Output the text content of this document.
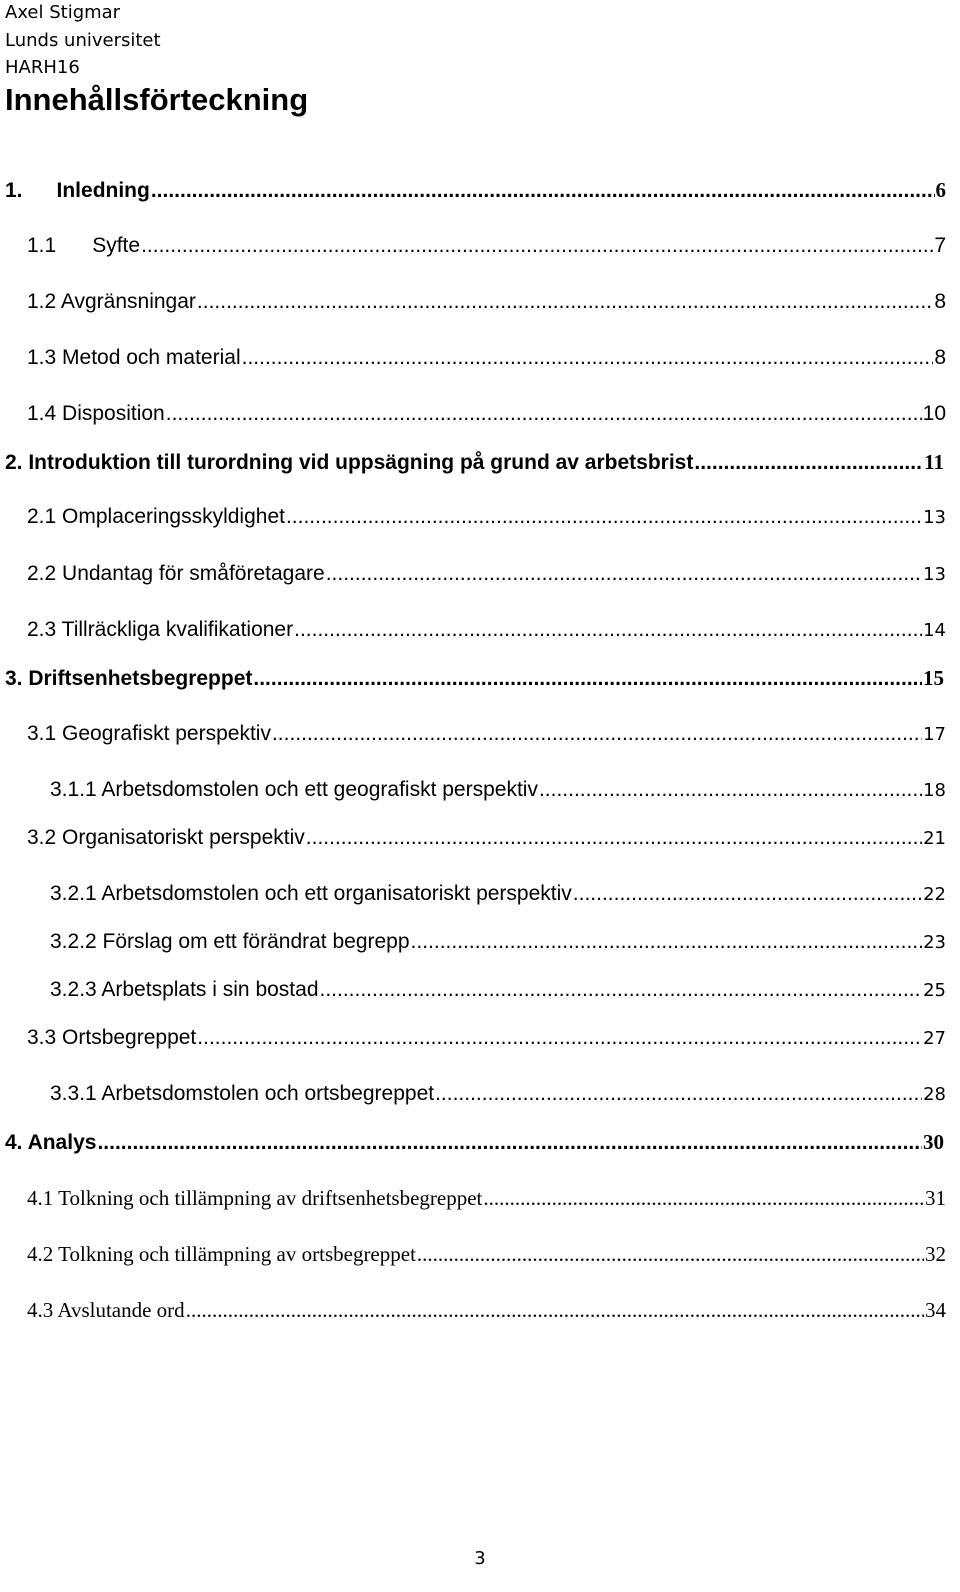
Axel Stigmar
Lunds universitet
HARH16
Innehållsförteckning
1. Inledning .....	6
1.1 Syfte .....	7
1.2 Avgränsningar .....	8
1.3 Metod och material .....	8
1.4 Disposition .....	10
2. Introduktion till turordning vid uppsägning på grund av arbetsbrist .....	11
2.1 Omplaceringsskyldighet .....	13
2.2 Undantag för småföretagare .....	13
2.3 Tillräckliga kvalifikationer .....	14
3. Driftsenhetsbegreppet .....	15
3.1 Geografiskt perspektiv .....	17
3.1.1 Arbetsdomstolen och ett geografiskt perspektiv .....	18
3.2 Organisatoriskt perspektiv .....	21
3.2.1 Arbetsdomstolen och ett organisatoriskt perspektiv .....	22
3.2.2 Förslag om ett förändrat begrepp .....	23
3.2.3 Arbetsplats i sin bostad .....	25
3.3 Ortsbegreppet .....	27
3.3.1 Arbetsdomstolen och ortsbegreppet .....	28
4. Analys .....	30
4.1 Tolkning och tillämpning av driftsenhetsbegreppet .....	31
4.2 Tolkning och tillämpning av ortsbegreppet .....	32
4.3 Avslutande ord .....	34
3
